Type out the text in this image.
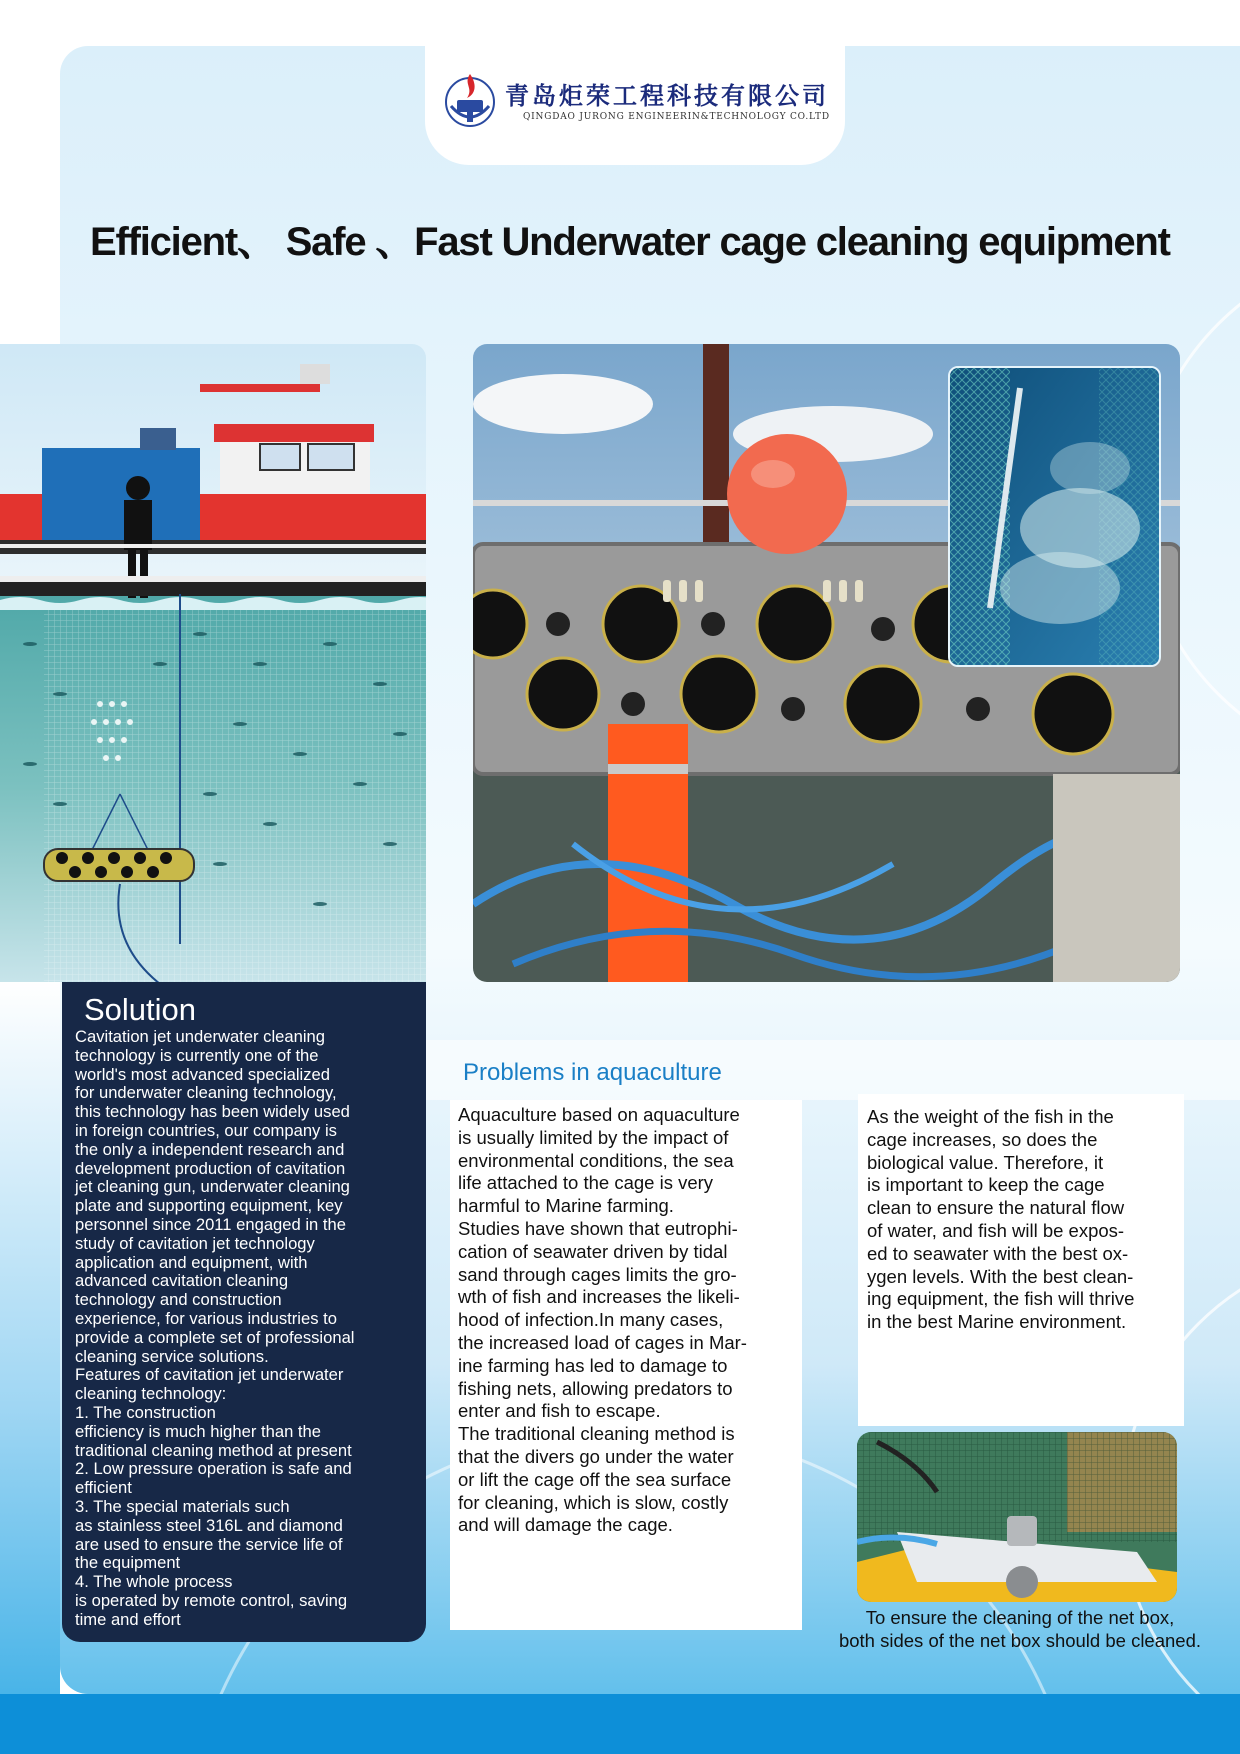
青岛炬荣工程科技有限公司
QINGDAO JURONG ENGINEERIN&TECHNOLOGY CO.LTD
Efficient、 Safe 、Fast Underwater cage cleaning equipment
Solution
Cavitation jet underwater cleaning
technology is currently one of the
world's most advanced specialized
for underwater cleaning technology,
this technology has been widely used
in foreign countries, our company is
the only a independent research and
development production of cavitation
jet cleaning gun, underwater cleaning
plate and supporting equipment, key
personnel since 2011 engaged in the
study of cavitation jet technology
application and equipment, with
advanced cavitation cleaning
technology and construction
experience, for various industries to
provide a complete set of professional
cleaning service solutions.
Features of cavitation jet underwater
cleaning technology:
1. The construction
efficiency is much higher than the
traditional cleaning method at present
2. Low pressure operation is safe and
efficient
3. The special materials such
as stainless steel 316L and diamond
are used to ensure the service life of
the equipment
4. The whole process
is operated by remote control, saving
time and effort
Problems in aquaculture
Aquaculture based on aquaculture
is usually limited by the impact of
environmental conditions, the sea
life attached to the cage is very
harmful to Marine farming.
Studies have shown that eutrophi-
cation of seawater driven by tidal
sand through cages limits the gro-
wth of fish and increases the likeli-
hood of infection.In many cases,
the increased load of cages in Mar-
ine farming has led to damage to
fishing nets, allowing predators to
enter and fish to escape.
The traditional cleaning method is
that the divers go under the water
or lift the cage off the sea surface
for cleaning, which is slow, costly
and will damage the cage.
As the weight of the fish in the
cage increases, so does the
biological value. Therefore, it
is important to keep the cage
clean to ensure the natural flow
of water, and fish will be expos-
ed to seawater with the best ox-
ygen levels. With the best clean-
ing equipment, the fish will thrive
in the best Marine environment.
To ensure the cleaning of the net box,
both sides of the net box should be cleaned.
